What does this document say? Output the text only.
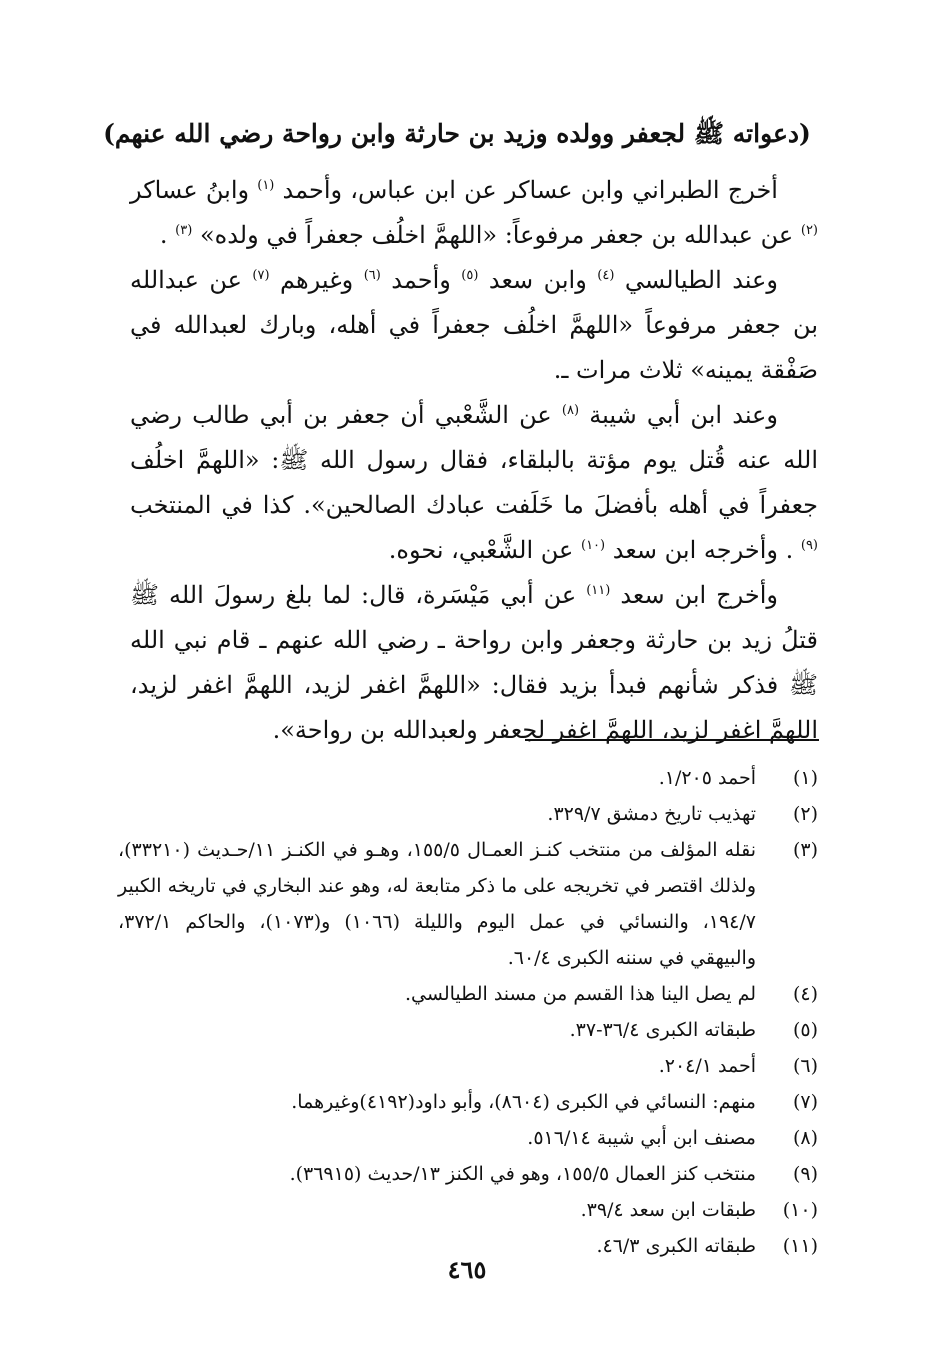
(دعواته ﷺ لجعفر وولده وزيد بن حارثة وابن رواحة رضي الله عنهم)

أخرج الطبراني وابن عساكر عن ابن عباس، وأحمد $^{(١)}$ وابنُ عساكر $^{(٢)}$ عن عبدالله بن جعفر مرفوعاً: «اللهمَّ اخلُف جعفراً في ولده» $^{(٣)}$ .

وعند الطيالسي $^{(٤)}$ وابن سعد $^{(٥)}$ وأحمد $^{(٦)}$ وغيرهم $^{(٧)}$ عن عبدالله بن جعفر مرفوعاً «اللهمَّ اخلُف جعفراً في أهله، وبارك لعبدالله في صَفْقة يمينه» ثلاث مرات ـ.

وعند ابن أبي شيبة $^{(٨)}$ عن الشَّعْبي أن جعفر بن أبي طالب رضي الله عنه قُتل يوم مؤتة بالبلقاء، فقال رسول الله ﷺ: «اللهمَّ اخلُف جعفراً في أهله بأفضلَ ما خَلَفت عبادك الصالحين». كذا في المنتخب $^{(٩)}$ . وأخرجه ابن سعد $^{(١٠)}$ عن الشَّعْبي، نحوه.

وأخرج ابن سعد $^{(١١)}$ عن أبي مَيْسَرة، قال: لما بلغ رسولَ الله ﷺ قتلُ زيد بن حارثة وجعفر وابن رواحة ـ رضي الله عنهم ـ قام نبي الله ﷺ فذكر شأنهم فبدأ بزيد فقال: «اللهمَّ اغفر لزيد، اللهمَّ اغفر لزيد، اللهمَّ اغفر لزيد، اللهمَّ اغفر لجعفر ولعبدالله بن رواحة».

(١)
أحمد ١/٢٠٥.
(٢)
تهذيب تاريخ دمشق ٣٢٩/٧.
(٣)
نقله المؤلف من منتخب كنـز العمـال ١٥٥/٥، وهـو في الكنـز ١١/حـديث (٣٣٢١٠)، ولذلك اقتصر في تخريجه على ما ذكر متابعة له، وهو عند البخاري في تاريخه الكبير ١٩٤/٧، والنسائي في عمل اليوم والليلة (١٠٦٦) و(١٠٧٣)، والحاكم ٣٧٢/١، والبيهقي في سننه الكبرى ٦٠/٤.
(٤)
لم يصل الينا هذا القسم من مسند الطيالسي.
(٥)
طبقاته الكبرى ٣٦/٤-٣٧.
(٦)
أحمد ٢٠٤/١.
(٧)
منهم: النسائي في الكبرى (٨٦٠٤)، وأبو داود(٤١٩٢)وغيرهما.
(٨)
مصنف ابن أبي شيبة ٥١٦/١٤.
(٩)
منتخب كنز العمال ١٥٥/٥، وهو في الكنز ١٣/حديث (٣٦٩١٥).
(١٠)
طبقات ابن سعد ٣٩/٤.
(١١)
طبقاته الكبرى ٤٦/٣.
٤٦٥
